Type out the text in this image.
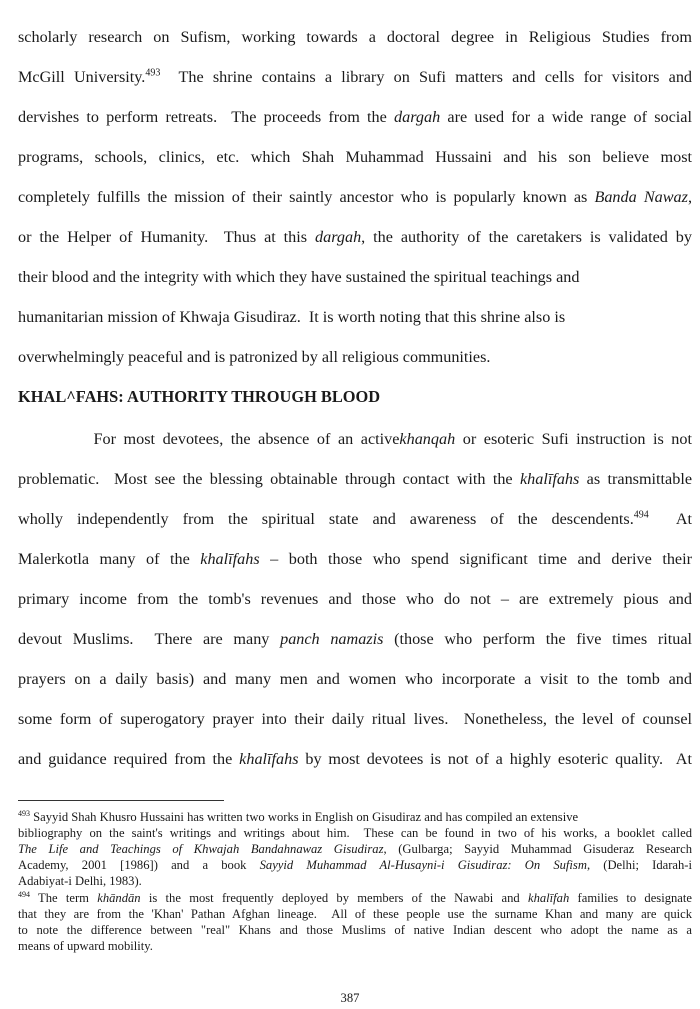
scholarly research on Sufism, working towards a doctoral degree in Religious Studies from
McGill University.$^{493}$  The shrine contains a library on Sufi matters and cells for visitors and
dervishes to perform retreats.  The proceeds from the dargah are used for a wide range of social
programs, schools, clinics, etc. which Shah Muhammad Hussaini and his son believe most
completely fulfills the mission of their saintly ancestor who is popularly known as Banda Nawaz,
or the Helper of Humanity.  Thus at this dargah, the authority of the caretakers is validated by
their blood and the integrity with which they have sustained the spiritual teachings and
humanitarian mission of Khwaja Gisudiraz.  It is worth noting that this shrine also is
overwhelmingly peaceful and is patronized by all religious communities.
KHAL^FAHS: AUTHORITY THROUGH BLOOD
For most devotees, the absence of an activekhanqah or esoteric Sufi instruction is not
problematic.  Most see the blessing obtainable through contact with the khalīfahs as transmittable
wholly independently from the spiritual state and awareness of the descendents.$^{494}$  At
Malerkotla many of the khalīfahs – both those who spend significant time and derive their
primary income from the tomb's revenues and those who do not – are extremely pious and
devout Muslims.  There are many panch namazis (those who perform the five times ritual
prayers on a daily basis) and many men and women who incorporate a visit to the tomb and
some form of superogatory prayer into their daily ritual lives.  Nonetheless, the level of counsel
and guidance required from the khalīfahs by most devotees is not of a highly esoteric quality.  At
$^{493}$ Sayyid Shah Khusro Hussaini has written two works in English on Gisudiraz and has compiled an extensive
bibliography on the saint's writings and writings about him.  These can be found in two of his works, a booklet called
The Life and Teachings of Khwajah Bandahnawaz Gisudiraz, (Gulbarga; Sayyid Muhammad Gisuderaz Research
Academy, 2001 [1986]) and a book Sayyid Muhammad Al-Husayni-i Gisudiraz: On Sufism, (Delhi; Idarah-i
Adabiyat-i Delhi, 1983).
$^{494}$ The term khāndān is the most frequently deployed by members of the Nawabi and khalīfah families to designate
that they are from the 'Khan' Pathan Afghan lineage.  All of these people use the surname Khan and many are quick
to note the difference between "real" Khans and those Muslims of native Indian descent who adopt the name as a
means of upward mobility.
387
